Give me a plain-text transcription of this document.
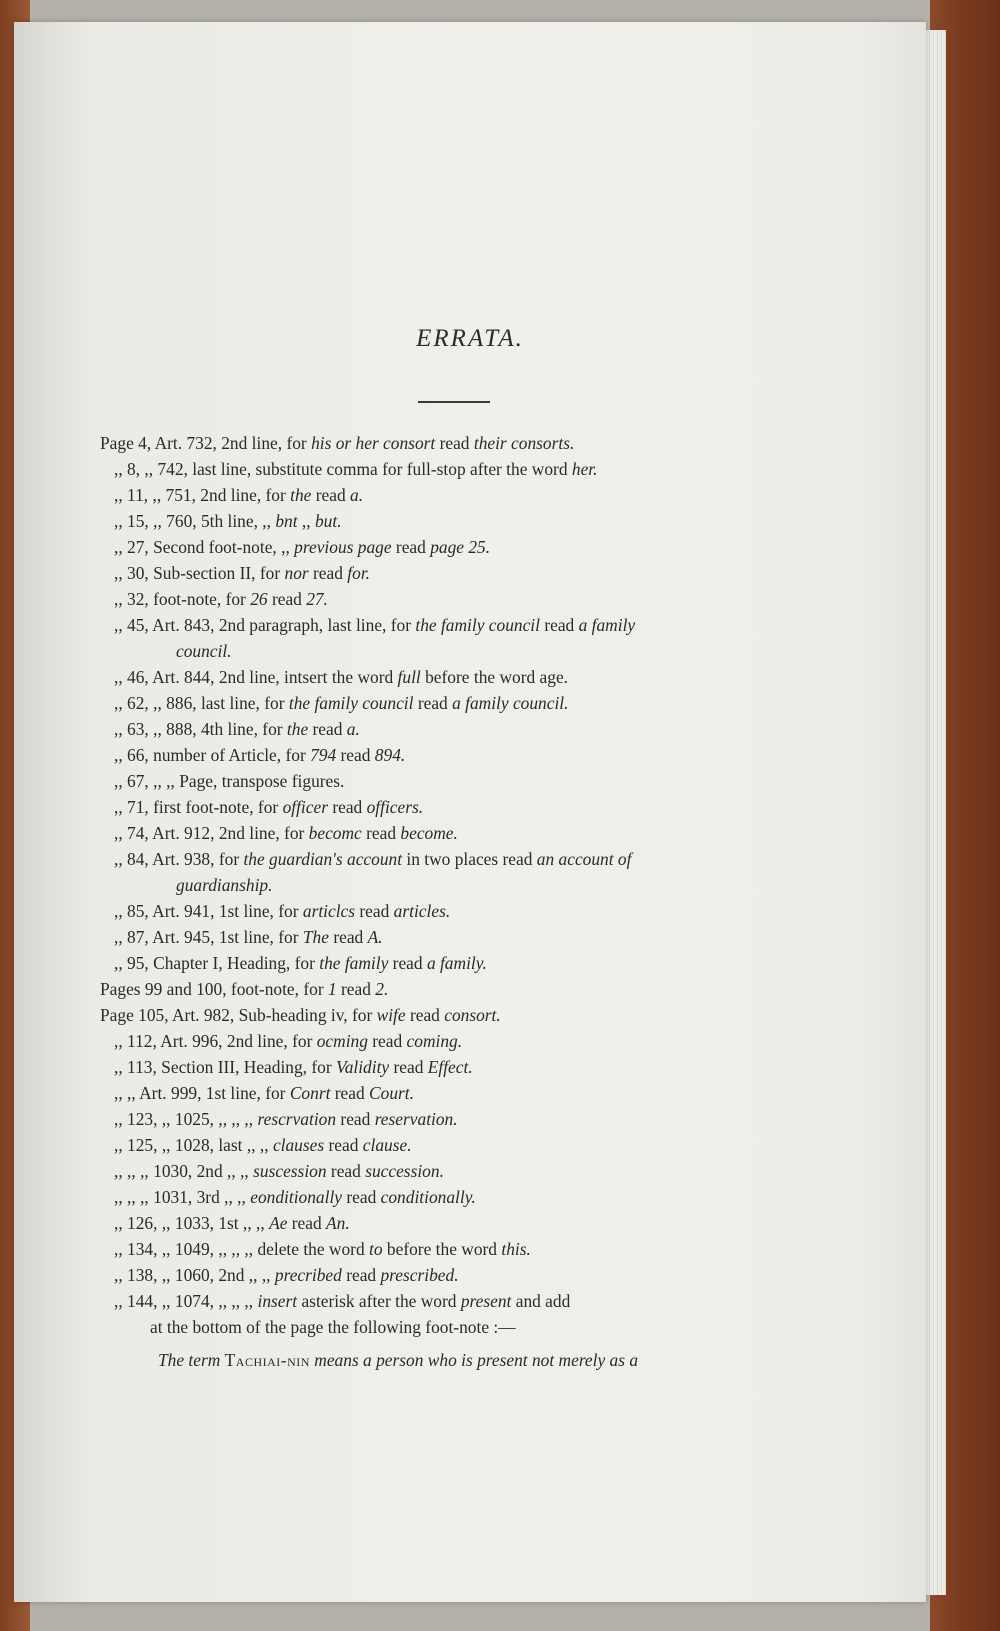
ERRATA.
Page 4, Art. 732, 2nd line, for his or her consort read their consorts.
,, 8, ,, 742, last line, substitute comma for full-stop after the word her.
,, 11, ,, 751, 2nd line, for the read a.
,, 15, ,, 760, 5th line, ,, bnt ,, but.
,, 27, Second foot-note, ,, previous page read page 25.
,, 30, Sub-section II, for nor read for.
,, 32, foot-note, for 26 read 27.
,, 45, Art. 843, 2nd paragraph, last line, for the family council read a family
council.
,, 46, Art. 844, 2nd line, intsert the word full before the word age.
,, 62, ,, 886, last line, for the family council read a family council.
,, 63, ,, 888, 4th line, for the read a.
,, 66, number of Article, for 794 read 894.
,, 67, ,, ,, Page, transpose figures.
,, 71, first foot-note, for officer read officers.
,, 74, Art. 912, 2nd line, for becomc read become.
,, 84, Art. 938, for the guardian's account in two places read an account of
guardianship.
,, 85, Art. 941, 1st line, for articlcs read articles.
,, 87, Art. 945, 1st line, for The read A.
,, 95, Chapter I, Heading, for the family read a family.
Pages 99 and 100, foot-note, for 1 read 2.
Page 105, Art. 982, Sub-heading iv, for wife read consort.
,, 112, Art. 996, 2nd line, for ocming read coming.
,, 113, Section III, Heading, for Validity read Effect.
,, ,, Art. 999, 1st line, for Conrt read Court.
,, 123, ,, 1025, ,, ,, ,, rescrvation read reservation.
,, 125, ,, 1028, last ,, ,, clauses read clause.
,, ,, ,, 1030, 2nd ,, ,, suscession read succession.
,, ,, ,, 1031, 3rd ,, ,, eonditionally read conditionally.
,, 126, ,, 1033, 1st ,, ,, Ae read An.
,, 134, ,, 1049, ,, ,, ,, delete the word to before the word this.
,, 138, ,, 1060, 2nd ,, ,, precribed read prescribed.
,, 144, ,, 1074, ,, ,, ,, insert asterisk after the word present and add
at the bottom of the page the following foot-note :—
The term Tachiai-nin means a person who is present not merely as a
